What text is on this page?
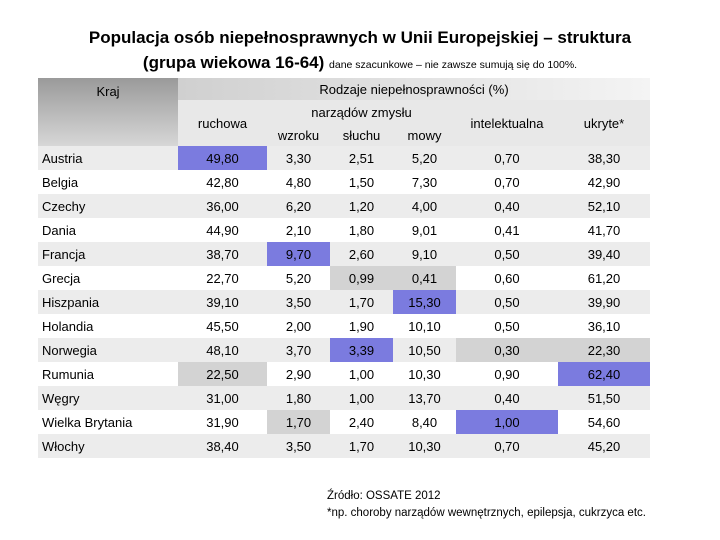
Populacja osób niepełnosprawnych w Unii Europejskiej – struktura
(grupa wiekowa 16-64) dane szacunkowe – nie zawsze sumują się do 100%.
Kraj	Rodzaje niepełnosprawności (%)					
	ruchowa	narządów zmysłu			intelektualna	ukryte*
		wzroku	słuchu	mowy		
Austria	49,80	3,30	2,51	5,20	0,70	38,30
Belgia	42,80	4,80	1,50	7,30	0,70	42,90
Czechy	36,00	6,20	1,20	4,00	0,40	52,10
Dania	44,90	2,10	1,80	9,01	0,41	41,70
Francja	38,70	9,70	2,60	9,10	0,50	39,40
Grecja	22,70	5,20	0,99	0,41	0,60	61,20
Hiszpania	39,10	3,50	1,70	15,30	0,50	39,90
Holandia	45,50	2,00	1,90	10,10	0,50	36,10
Norwegia	48,10	3,70	3,39	10,50	0,30	22,30
Rumunia	22,50	2,90	1,00	10,30	0,90	62,40
Węgry	31,00	1,80	1,00	13,70	0,40	51,50
Wielka Brytania	31,90	1,70	2,40	8,40	1,00	54,60
Włochy	38,40	3,50	1,70	10,30	0,70	45,20
Źródło: OSSATE 2012
*np. choroby narządów wewnętrznych, epilepsja, cukrzyca etc.
